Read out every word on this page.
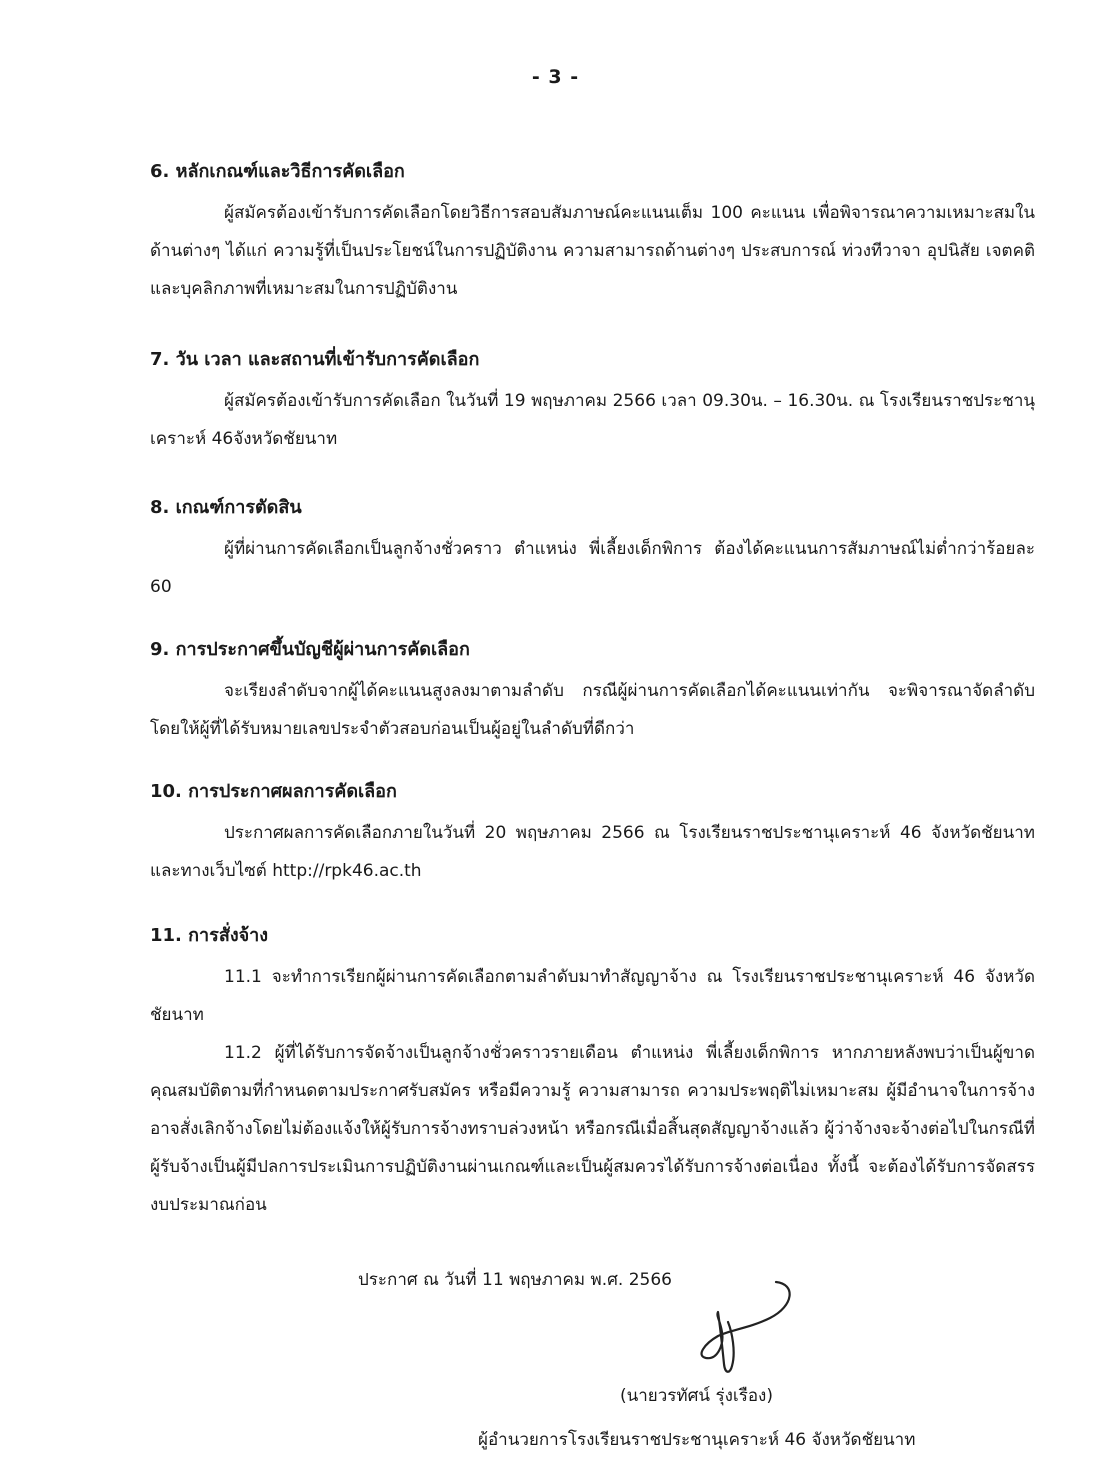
- 3 -
6. หลักเกณฑ์และวิธีการคัดเลือก

ผู้สมัครต้องเข้ารับการคัดเลือกโดยวิธีการสอบสัมภาษณ์คะแนนเต็ม 100 คะแนน เพื่อพิจารณาความเหมาะสมในด้านต่างๆ ได้แก่ ความรู้ที่เป็นประโยชน์ในการปฏิบัติงาน ความสามารถด้านต่างๆ ประสบการณ์ ท่วงทีวาจา อุปนิสัย เจตคติและบุคลิกภาพที่เหมาะสมในการปฏิบัติงาน

7. วัน เวลา และสถานที่เข้ารับการคัดเลือก

ผู้สมัครต้องเข้ารับการคัดเลือก ในวันที่ 19 พฤษภาคม 2566 เวลา 09.30น. – 16.30น. ณ โรงเรียนราชประชานุเคราะห์ 46จังหวัดชัยนาท

8. เกณฑ์การตัดสิน

ผู้ที่ผ่านการคัดเลือกเป็นลูกจ้างชั่วคราว ตำแหน่ง พี่เลี้ยงเด็กพิการ ต้องได้คะแนนการสัมภาษณ์ไม่ต่ำกว่าร้อยละ 60

9. การประกาศขึ้นบัญชีผู้ผ่านการคัดเลือก

จะเรียงลำดับจากผู้ได้คะแนนสูงลงมาตามลำดับ กรณีผู้ผ่านการคัดเลือกได้คะแนนเท่ากัน จะพิจารณาจัดลำดับโดยให้ผู้ที่ได้รับหมายเลขประจำตัวสอบก่อนเป็นผู้อยู่ในลำดับที่ดีกว่า

10. การประกาศผลการคัดเลือก

ประกาศผลการคัดเลือกภายในวันที่ 20 พฤษภาคม 2566 ณ โรงเรียนราชประชานุเคราะห์ 46 จังหวัดชัยนาท และทางเว็บไซต์ http://rpk46.ac.th

11. การสั่งจ้าง

11.1 จะทำการเรียกผู้ผ่านการคัดเลือกตามลำดับมาทำสัญญาจ้าง ณ โรงเรียนราชประชานุเคราะห์ 46 จังหวัดชัยนาท

11.2 ผู้ที่ได้รับการจัดจ้างเป็นลูกจ้างชั่วคราวรายเดือน ตำแหน่ง พี่เลี้ยงเด็กพิการ หากภายหลังพบว่าเป็นผู้ขาดคุณสมบัติตามที่กำหนดตามประกาศรับสมัคร หรือมีความรู้ ความสามารถ ความประพฤติไม่เหมาะสม ผู้มีอำนาจในการจ้าง อาจสั่งเลิกจ้างโดยไม่ต้องแจ้งให้ผู้รับการจ้างทราบล่วงหน้า หรือกรณีเมื่อสิ้นสุดสัญญาจ้างแล้ว ผู้ว่าจ้างจะจ้างต่อไปในกรณีที่ผู้รับจ้างเป็นผู้มีปลการประเมินการปฏิบัติงานผ่านเกณฑ์และเป็นผู้สมควรได้รับการจ้างต่อเนื่อง ทั้งนี้ จะต้องได้รับการจัดสรรงบประมาณก่อน

ประกาศ ณ วันที่ 11 พฤษภาคม พ.ศ. 2566
(นายวรทัศน์ รุ่งเรือง)
ผู้อำนวยการโรงเรียนราชประชานุเคราะห์ 46 จังหวัดชัยนาท
